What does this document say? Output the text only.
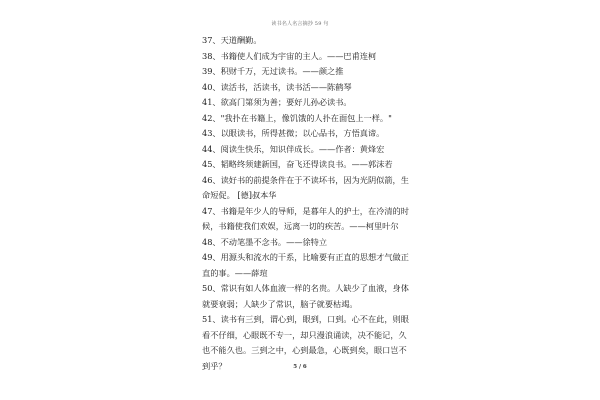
读书名人名言摘抄 59 句
37、天道酬勤。
38、书籍使人们成为宇宙的主人。——巴甫连柯
39、积财千万，无过读书。——颜之推
40、读活书，活读书，读书活——陈鹤琴
41、欲高门第须为善；要好儿孙必读书。
42、"我扑在书籍上，像饥饿的人扑在面包上一样。"
43、以眼读书，所得甚微；以心品书，方悟真谛。
44、阅读生快乐，知识伴成长。——作者：黄烽宏
45、韬略终须建新国，奋飞还得读良书。——郭沫若
46、读好书的前提条件在于不读坏书，因为光阴似箭，生
命短促。 [德]叔本华
47、书籍是年少人的导师，是暮年人的护士，在冷清的时
候，书籍使我们欢娱，远离一切的疾苦。——柯里叶尔
48、不动笔墨不念书。——徐特立
49、用源头和流水的干系，比喻要有正直的思想才气做正
直的事。——薛瑄
50、常识有如人体血液一样的名贵。人缺少了血液，身体
就要衰弱；人缺少了常识，脑子就要枯竭。
51、读书有三到，谓心到，眼到，口到。心不在此，则眼
看不仔细，心眼既不专一，却只漫浪诵读，决不能记，久
也不能久也。三到之中，心到最急，心既到矣，眼口岂不
到乎？	5 / 6
